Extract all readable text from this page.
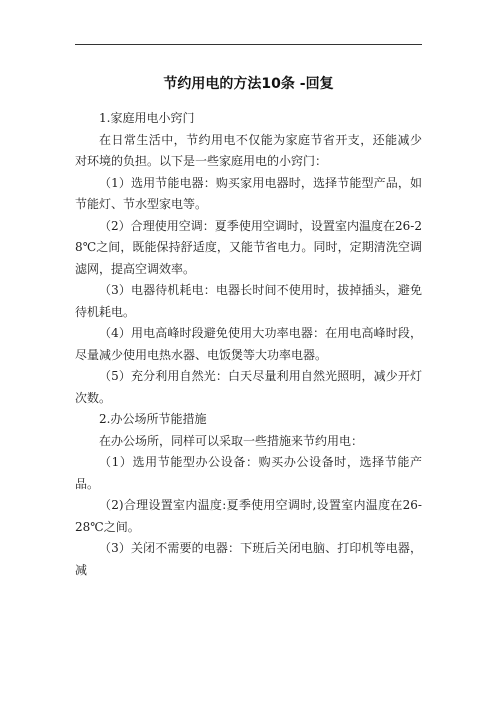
节约用电的方法10条 -回复

1.家庭用电小窍门

在日常生活中，节约用电不仅能为家庭节省开支，还能减少对环境的负担。以下是一些家庭用电的小窍门：

（1）选用节能电器：购买家用电器时，选择节能型产品，如节能灯、节水型家电等。

（2）合理使用空调：夏季使用空调时，设置室内温度在26-28℃之间，既能保持舒适度，又能节省电力。同时，定期清洗空调滤网，提高空调效率。

（3）电器待机耗电：电器长时间不使用时，拔掉插头，避免待机耗电。

（4）用电高峰时段避免使用大功率电器：在用电高峰时段，尽量减少使用电热水器、电饭煲等大功率电器。

（5）充分利用自然光：白天尽量利用自然光照明，减少开灯次数。

2.办公场所节能措施

在办公场所，同样可以采取一些措施来节约用电：

（1）选用节能型办公设备：购买办公设备时，选择节能产品。

（2)合理设置室内温度:夏季使用空调时,设置室内温度在26-28℃之间。

（3）关闭不需要的电器：下班后关闭电脑、打印机等电器，减
